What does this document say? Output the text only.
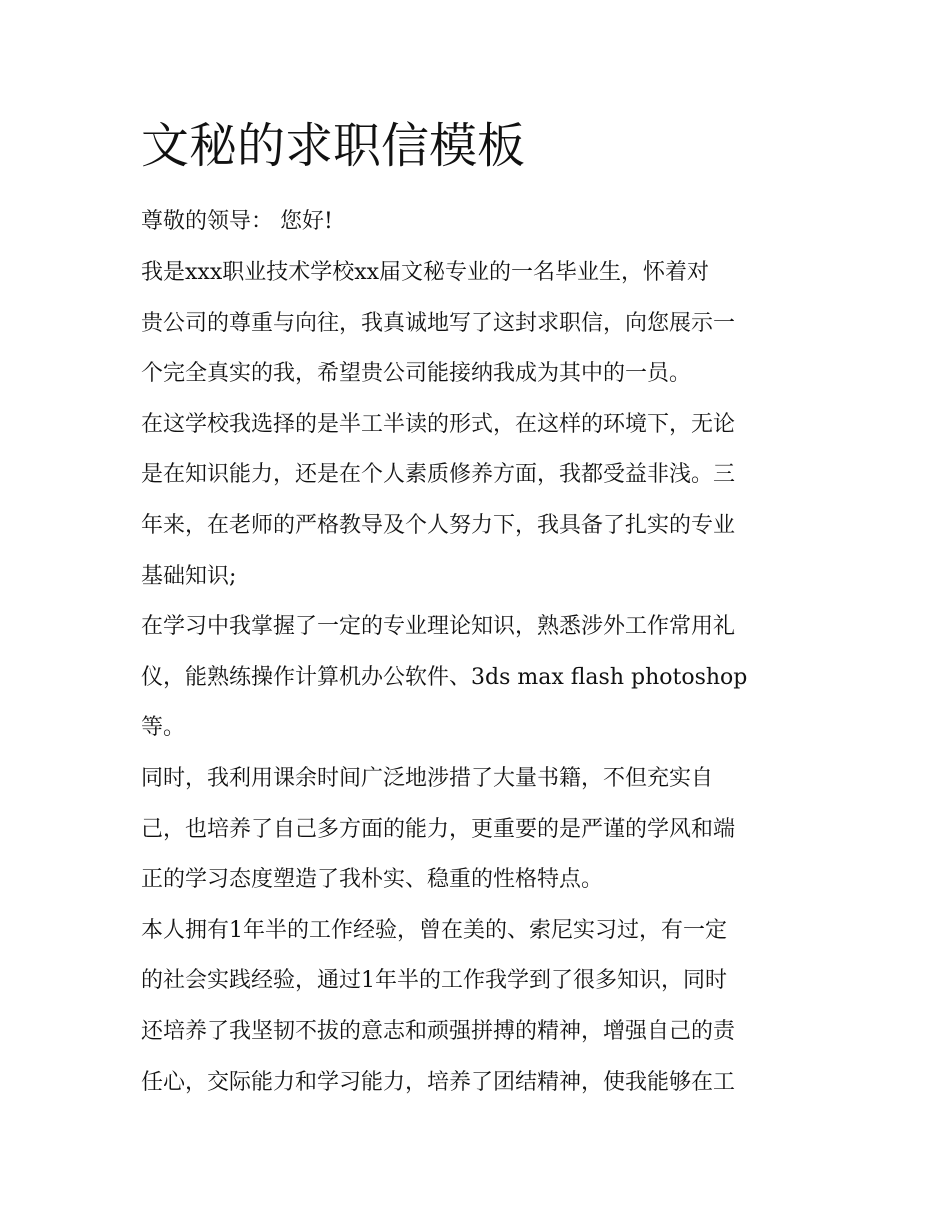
文秘的求职信模板

尊敬的领导： 您好!

我是xxx职业技术学校xx届文秘专业的一名毕业生，怀着对

贵公司的尊重与向往，我真诚地写了这封求职信，向您展示一

个完全真实的我，希望贵公司能接纳我成为其中的一员。

在这学校我选择的是半工半读的形式，在这样的环境下，无论

是在知识能力，还是在个人素质修养方面，我都受益非浅。三

年来，在老师的严格教导及个人努力下，我具备了扎实的专业

基础知识;

在学习中我掌握了一定的专业理论知识，熟悉涉外工作常用礼

仪，能熟练操作计算机办公软件、3ds max flash photoshop

等。

同时，我利用课余时间广泛地涉措了大量书籍，不但充实自

己，也培养了自己多方面的能力，更重要的是严谨的学风和端

正的学习态度塑造了我朴实、稳重的性格特点。

本人拥有1年半的工作经验，曾在美的、索尼实习过，有一定

的社会实践经验，通过1年半的工作我学到了很多知识，同时

还培养了我坚韧不拔的意志和顽强拼搏的精神，增强自己的责

任心，交际能力和学习能力，培养了团结精神，使我能够在工
